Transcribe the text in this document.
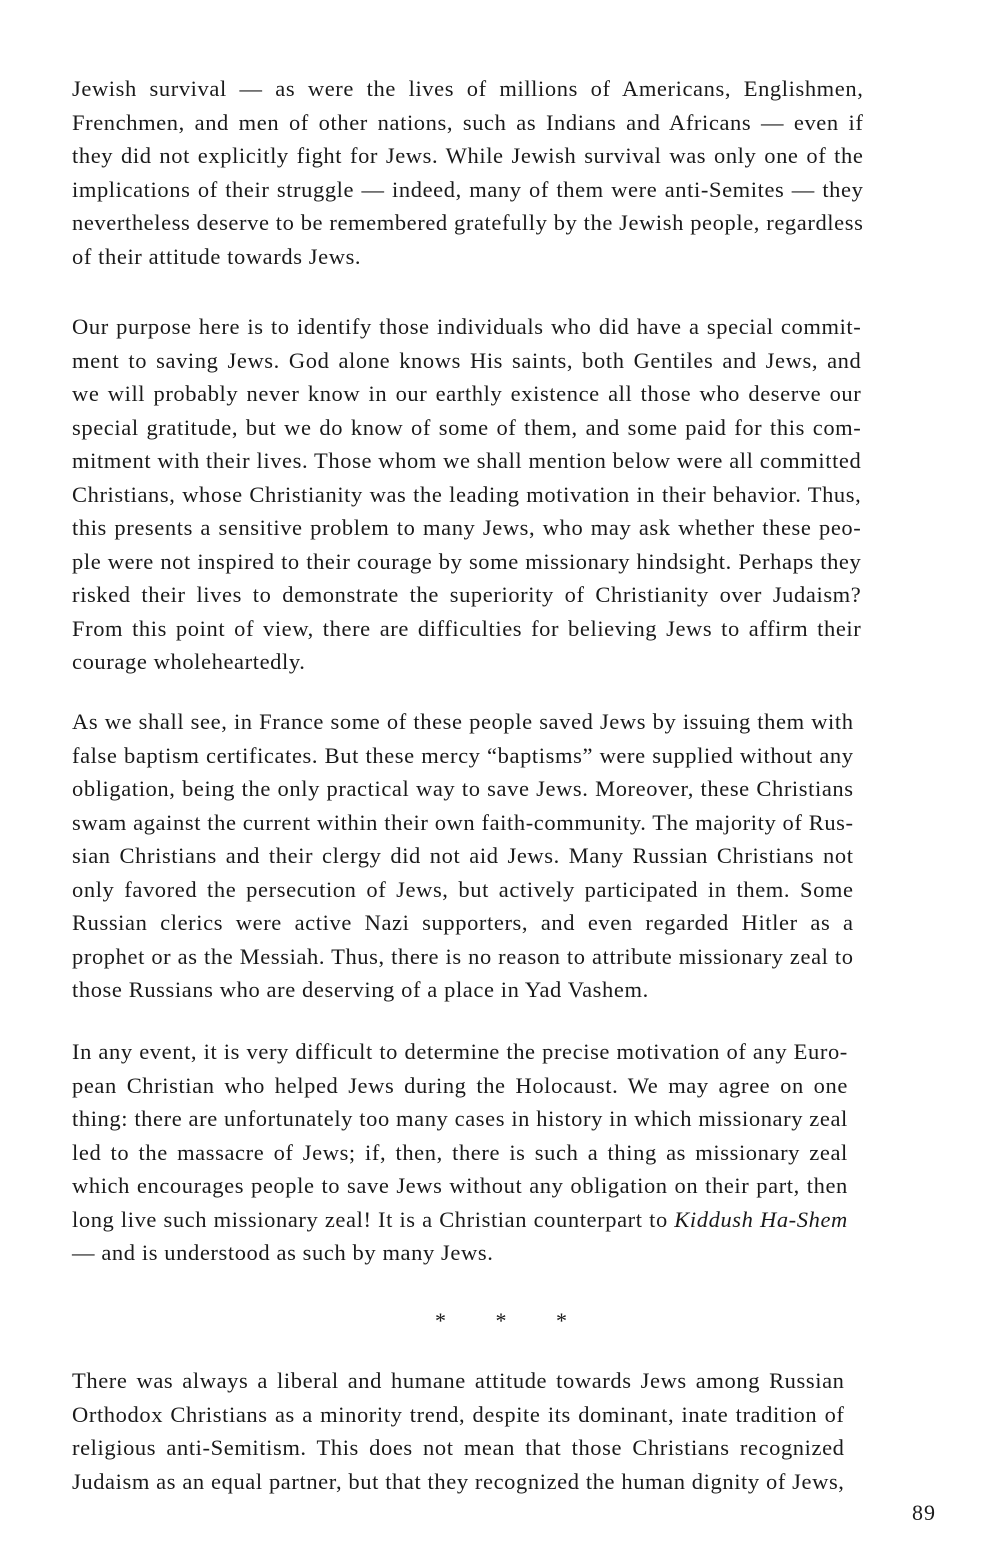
Jewish survival — as were the lives of millions of Americans, Englishmen,
Frenchmen, and men of other nations, such as Indians and Africans — even if
they did not explicitly fight for Jews. While Jewish survival was only one of the
implications of their struggle — indeed, many of them were anti-Semites — they
nevertheless deserve to be remembered gratefully by the Jewish people, regardless
of their attitude towards Jews.

Our purpose here is to identify those individuals who did have a special commit-
ment to saving Jews. God alone knows His saints, both Gentiles and Jews, and
we will probably never know in our earthly existence all those who deserve our
special gratitude, but we do know of some of them, and some paid for this com-
mitment with their lives. Those whom we shall mention below were all committed
Christians, whose Christianity was the leading motivation in their behavior. Thus,
this presents a sensitive problem to many Jews, who may ask whether these peo-
ple were not inspired to their courage by some missionary hindsight. Perhaps they
risked their lives to demonstrate the superiority of Christianity over Judaism?
From this point of view, there are difficulties for believing Jews to affirm their
courage wholeheartedly.

As we shall see, in France some of these people saved Jews by issuing them with
false baptism certificates. But these mercy “baptisms” were supplied without any
obligation, being the only practical way to save Jews. Moreover, these Christians
swam against the current within their own faith-community. The majority of Rus-
sian Christians and their clergy did not aid Jews. Many Russian Christians not
only favored the persecution of Jews, but actively participated in them. Some
Russian clerics were active Nazi supporters, and even regarded Hitler as a
prophet or as the Messiah. Thus, there is no reason to attribute missionary zeal to
those Russians who are deserving of a place in Yad Vashem.

In any event, it is very difficult to determine the precise motivation of any Euro-
pean Christian who helped Jews during the Holocaust. We may agree on one
thing: there are unfortunately too many cases in history in which missionary zeal
led to the massacre of Jews; if, then, there is such a thing as missionary zeal
which encourages people to save Jews without any obligation on their part, then
long live such missionary zeal! It is a Christian counterpart to Kiddush Ha-Shem
— and is understood as such by many Jews.

* * *

There was always a liberal and humane attitude towards Jews among Russian
Orthodox Christians as a minority trend, despite its dominant, inate tradition of
religious anti-Semitism. This does not mean that those Christians recognized
Judaism as an equal partner, but that they recognized the human dignity of Jews,

89
